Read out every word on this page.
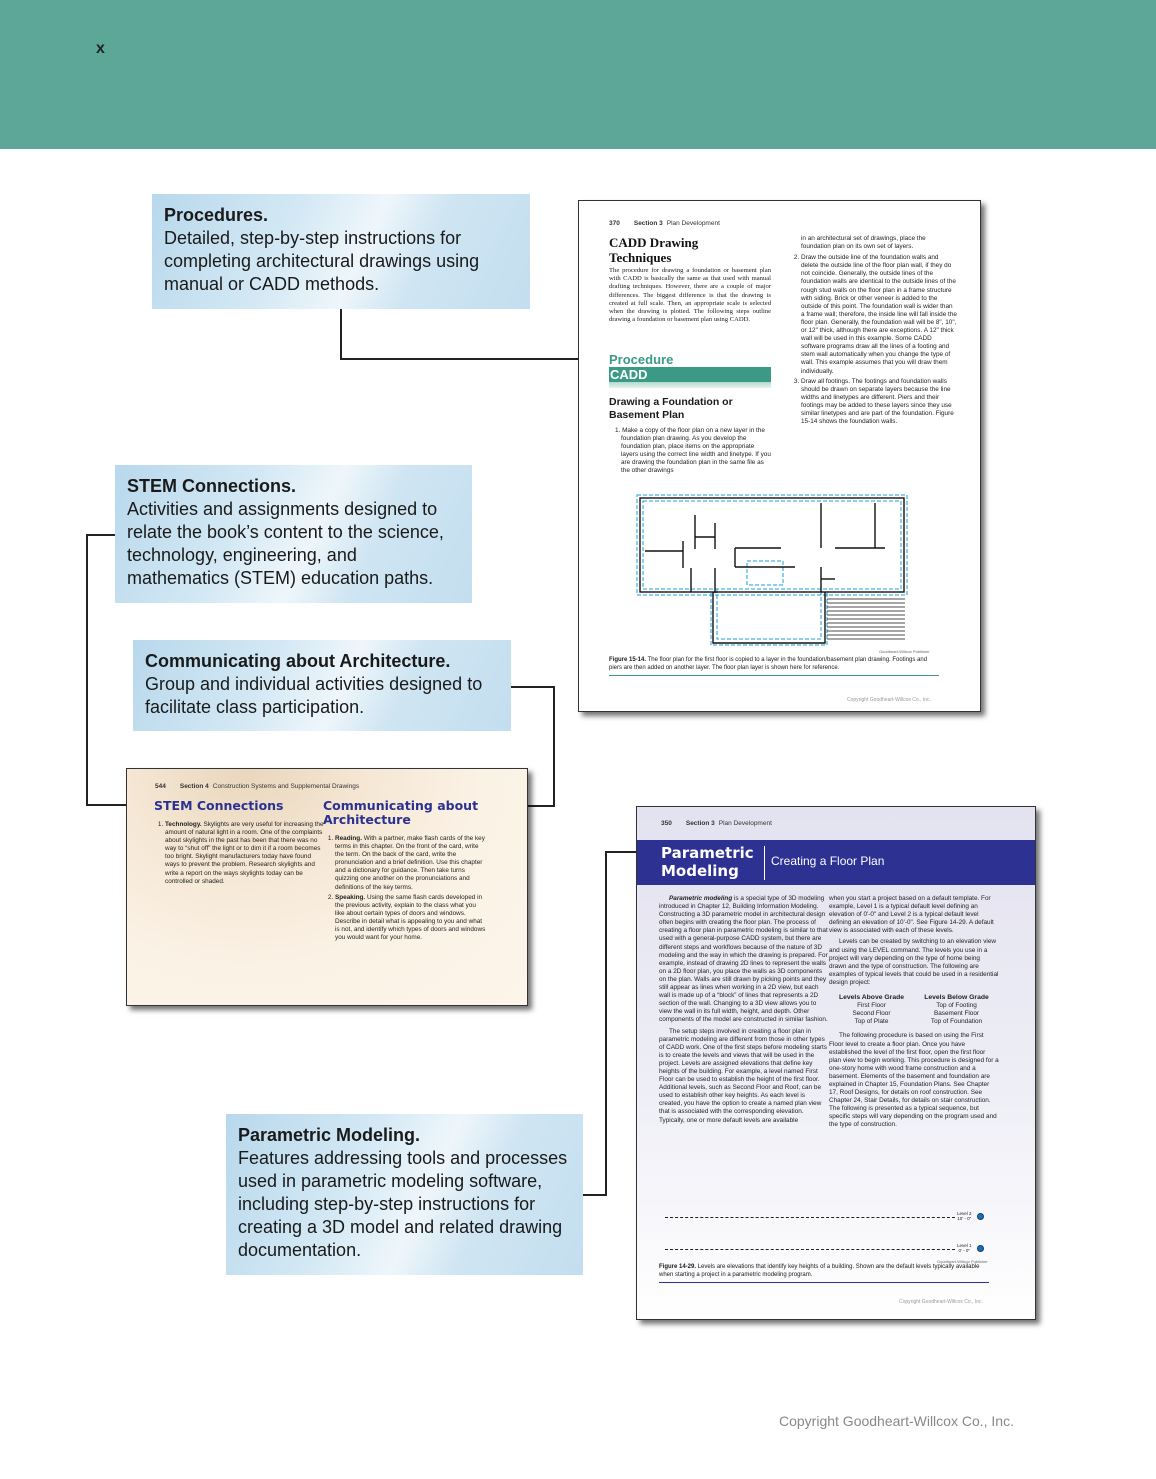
x
Procedures.
Detailed, step-by-step instructions for completing architectural drawings using manual or CADD methods.
STEM Connections.
Activities and assignments designed to relate the book’s content to the science, technology, engineering, and mathematics (STEM) education paths.
Communicating about Architecture.
Group and individual activities designed to facilitate class participation.
Parametric Modeling.
Features addressing tools and processes used in parametric modeling software, including step-by-step instructions for creating a 3D model and related drawing documentation.
370 Section 3 Plan Development
CADD Drawing Techniques
The procedure for drawing a foundation or basement plan with CADD is basically the same as that used with manual drafting techniques. However, there are a couple of major differences. The biggest difference is that the drawing is created at full scale. Then, an appropriate scale is selected when the drawing is plotted. The following steps outline drawing a foundation or basement plan using CADD.
Procedure
CADD
Drawing a Foundation or Basement Plan
1. Make a copy of the floor plan on a new layer in the foundation plan drawing. As you develop the foundation plan, place items on the appropriate layers using the correct line width and linetype. If you are drawing the foundation plan in the same file as the other drawings
in an architectural set of drawings, place the foundation plan on its own set of layers.
2. Draw the outside line of the foundation walls and delete the outside line of the floor plan wall, if they do not coincide. Generally, the outside lines of the foundation walls are identical to the outside lines of the rough stud walls on the floor plan in a frame structure with siding. Brick or other veneer is added to the outside of this point. The foundation wall is wider than a frame wall; therefore, the inside line will fall inside the floor plan. Generally, the foundation wall will be 8", 10", or 12" thick, although there are exceptions. A 12" thick wall will be used in this example. Some CADD software programs draw all the lines of a footing and stem wall automatically when you change the type of wall. This example assumes that you will draw them individually.
3. Draw all footings. The footings and foundation walls should be drawn on separate layers because the line widths and linetypes are different. Piers and their footings may be added to these layers since they use similar linetypes and are part of the foundation. Figure 15-14 shows the foundation walls.
Goodheart-Willcox Publisher
Figure 15-14. The floor plan for the first floor is copied to a layer in the foundation/basement plan drawing. Footings and piers are then added on another layer. The floor plan layer is shown here for reference.
Copyright Goodheart-Willcox Co., Inc.
544 Section 4 Construction Systems and Supplemental Drawings
STEM Connections
1. Technology. Skylights are very useful for increasing the amount of natural light in a room. One of the complaints about skylights in the past has been that there was no way to “shut off” the light or to dim it if a room becomes too bright. Skylight manufacturers today have found ways to prevent the problem. Research skylights and write a report on the ways skylights today can be controlled or shaded.
Communicating about Architecture
1. Reading. With a partner, make flash cards of the key terms in this chapter. On the front of the card, write the term. On the back of the card, write the pronunciation and a brief definition. Use this chapter and a dictionary for guidance. Then take turns quizzing one another on the pronunciations and definitions of the key terms.
2. Speaking. Using the same flash cards developed in the previous activity, explain to the class what you like about certain types of doors and windows. Describe in detail what is appealing to you and what is not, and identify which types of doors and windows you would want for your home.
350 Section 3 Plan Development
Parametric Modeling
Creating a Floor Plan

Parametric modeling is a special type of 3D modeling introduced in Chapter 12, Building Information Modeling. Constructing a 3D parametric model in architectural design often begins with creating the floor plan. The process of creating a floor plan in parametric modeling is similar to that used with a general-purpose CADD system, but there are different steps and workflows because of the nature of 3D modeling and the way in which the drawing is prepared. For example, instead of drawing 2D lines to represent the walls on a 2D floor plan, you place the walls as 3D components on the plan. Walls are still drawn by picking points and they still appear as lines when working in a 2D view, but each wall is made up of a “block” of lines that represents a 2D section of the wall. Changing to a 3D view allows you to view the wall in its full width, height, and depth. Other components of the model are constructed in similar fashion.

The setup steps involved in creating a floor plan in parametric modeling are different from those in other types of CADD work. One of the first steps before modeling starts is to create the levels and views that will be used in the project. Levels are assigned elevations that define key heights of the building. For example, a level named First Floor can be used to establish the height of the first floor. Additional levels, such as Second Floor and Roof, can be used to establish other key heights. As each level is created, you have the option to create a named plan view that is associated with the corresponding elevation. Typically, one or more default levels are available

when you start a project based on a default template. For example, Level 1 is a typical default level defining an elevation of 0'-0" and Level 2 is a typical default level defining an elevation of 10'-0". See Figure 14-29. A default view is associated with each of these levels.

Levels can be created by switching to an elevation view and using the LEVEL command. The levels you use in a project will vary depending on the type of home being drawn and the type of construction. The following are examples of typical levels that could be used in a residential design project:

Levels Above Grade
First Floor
Second Floor
Top of Plate
Levels Below Grade
Top of Footing
Basement Floor
Top of Foundation

The following procedure is based on using the First Floor level to create a floor plan. Once you have established the level of the first floor, open the first floor plan view to begin working. This procedure is designed for a one-story home with wood frame construction and a basement. Elements of the basement and foundation are explained in Chapter 15, Foundation Plans. See Chapter 17, Roof Designs, for details on roof construction. See Chapter 24, Stair Details, for details on stair construction. The following is presented as a typical sequence, but specific steps will vary depending on the program used and the type of construction.

Level 2
10' - 0"
Level 1
0' - 0"
Goodheart-Willcox Publisher
Figure 14-29. Levels are elevations that identify key heights of a building. Shown are the default levels typically available when starting a project in a parametric modeling program.
Copyright Goodheart-Willcox Co., Inc.
Copyright Goodheart-Willcox Co., Inc.
